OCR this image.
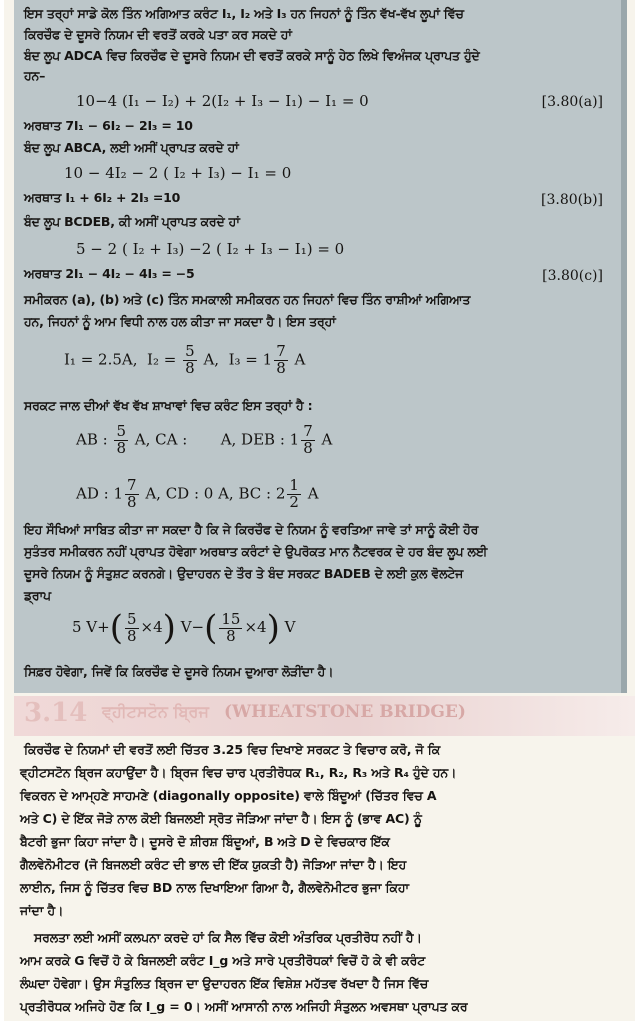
ਇਸ ਤਰ੍ਹਾਂ ਸਾਡੇ ਕੋਲ ਤਿੰਨ ਅਗਿਆਤ ਕਰੰਟ I₁, I₂ ਅਤੇ I₃ ਹਨ ਜਿਹਨਾਂ ਨੂੰ ਤਿੰਨ ਵੱਖ-ਵੱਖ ਲੂਪਾਂ ਵਿੱਚ
ਕਿਰਚੌਫ ਦੇ ਦੂਸਰੇ ਨਿਯਮ ਦੀ ਵਰਤੋਂ ਕਰਕੇ ਪਤਾ ਕਰ ਸਕਦੇ ਹਾਂ
ਬੰਦ ਲੂਪ ADCA ਵਿਚ ਕਿਰਚੌਫ ਦੇ ਦੂਸਰੇ ਨਿਯਮ ਦੀ ਵਰਤੋਂ ਕਰਕੇ ਸਾਨੂੰ ਹੇਠ ਲਿਖੇ ਵਿਅੰਜਕ ਪ੍ਰਾਪਤ ਹੁੰਦੇ
ਹਨ–
10−4 (I₁ − I₂) + 2(I₂ + I₃ − I₁) − I₁ = 0	[3.80(a)]
ਅਰਥਾਤ 7I₁ − 6I₂ − 2I₃ = 10
ਬੰਦ ਲੂਪ ABCA, ਲਈ ਅਸੀਂ ਪ੍ਰਾਪਤ ਕਰਦੇ ਹਾਂ
10 − 4I₂ − 2 ( I₂ + I₃) − I₁ = 0
ਅਰਥਾਤ I₁ + 6I₂ + 2I₃ =10	[3.80(b)]
ਬੰਦ ਲੂਪ BCDEB, ਕੀ ਅਸੀਂ ਪ੍ਰਾਪਤ ਕਰਦੇ ਹਾਂ
5 − 2 ( I₂ + I₃) −2 ( I₂ + I₃ − I₁) = 0
ਅਰਥਾਤ 2I₁ − 4I₂ − 4I₃ = −5	[3.80(c)]
ਸਮੀਕਰਨ (a), (b) ਅਤੇ (c) ਤਿੰਨ ਸਮਕਾਲੀ ਸਮੀਕਰਨ ਹਨ ਜਿਹਨਾਂ ਵਿਚ ਤਿੰਨ ਰਾਸ਼ੀਆਂ ਅਗਿਆਤ
ਹਨ, ਜਿਹਨਾਂ ਨੂੰ ਆਮ ਵਿਧੀ ਨਾਲ ਹਲ ਕੀਤਾ ਜਾ ਸਕਦਾ ਹੈ। ਇਸ ਤਰ੍ਹਾਂ
I₁ = 2.5A, $I_2 = \frac{5}{8} A$, $I_3 = 1 \frac{7}{8}$ A
ਸਰਕਟ ਜਾਲ ਦੀਆਂ ਵੱਖ ਵੱਖ ਸ਼ਾਖਾਵਾਂ ਵਿਚ ਕਰੰਟ ਇਸ ਤਰ੍ਹਾਂ ਹੈ :
AB : $\frac{5}{8} A$, CA : A, DEB : $1 \frac{7}{8}$ A
AD : $1 \frac{7}{8} A$, CD : 0 A, BC : $2 \frac{1}{2}$ A
ਇਹ ਸੌਖਿਆਂ ਸਾਬਿਤ ਕੀਤਾ ਜਾ ਸਕਦਾ ਹੈ ਕਿ ਜੇ ਕਿਰਚੌਫ ਦੇ ਨਿਯਮ ਨੂੰ ਵਰਤਿਆ ਜਾਵੇ ਤਾਂ ਸਾਨੂੰ ਕੋਈ ਹੋਰ
ਸੁਤੰਤਰ ਸਮੀਕਰਨ ਨਹੀਂ ਪ੍ਰਾਪਤ ਹੋਵੇਗਾ ਅਰਥਾਤ ਕਰੰਟਾਂ ਦੇ ਉਪਰੋਕਤ ਮਾਨ ਨੈਟਵਰਕ ਦੇ ਹਰ ਬੰਦ ਲੂਪ ਲਈ
ਦੂਸਰੇ ਨਿਯਮ ਨੂੰ ਸੰਤੁਸ਼ਟ ਕਰਨਗੇ। ਉਦਾਹਰਨ ਦੇ ਤੌਰ ਤੇ ਬੰਦ ਸਰਕਟ BADEB ਦੇ ਲਈ ਕੁਲ ਵੋਲਟੇਜ
ਡ੍ਰਾਪ
5 $V+( \frac{5}{8} \times 4)$ $V-( \frac{15}{8} \times 4)$ V
ਸਿਫ਼ਰ ਹੋਵੇਗਾ, ਜਿਵੇਂ ਕਿ ਕਿਰਚੌਫ ਦੇ ਦੂਸਰੇ ਨਿਯਮ ਦੁਆਰਾ ਲੋੜੀਂਦਾ ਹੈ।
3.14 ਵ੍ਹੀਟਸਟੋਨ ਬ੍ਰਿਜ (WHEATSTONE BRIDGE)
ਕਿਰਚੌਫ ਦੇ ਨਿਯਮਾਂ ਦੀ ਵਰਤੋਂ ਲਈ ਚਿੱਤਰ 3.25 ਵਿਚ ਦਿਖਾਏ ਸਰਕਟ ਤੇ ਵਿਚਾਰ ਕਰੋ, ਜੋ ਕਿ
ਵ੍ਹੀਟਸਟੋਨ ਬ੍ਰਿਜ ਕਹਾਉਂਦਾ ਹੈ। ਬ੍ਰਿਜ ਵਿਚ ਚਾਰ ਪ੍ਰਤੀਰੋਧਕ R₁, R₂, R₃ ਅਤੇ R₄ ਹੁੰਦੇ ਹਨ।
ਵਿਕਰਨ ਦੇ ਆਮ੍ਹਣੇ ਸਾਹਮਣੇ (diagonally opposite) ਵਾਲੇ ਬਿੰਦੂਆਂ (ਚਿੱਤਰ ਵਿਚ A
ਅਤੇ C) ਦੇ ਇੱਕ ਜੋੜੇ ਨਾਲ ਕੋਈ ਬਿਜਲਈ ਸ੍ਰੋਤ ਜੋੜਿਆ ਜਾਂਦਾ ਹੈ। ਇਸ ਨੂੰ (ਭਾਵ AC) ਨੂੰ
ਬੈਟਰੀ ਭੁਜਾ ਕਿਹਾ ਜਾਂਦਾ ਹੈ। ਦੂਸਰੇ ਦੋ ਸ਼ੀਰਸ਼ ਬਿੰਦੂਆਂ, B ਅਤੇ D ਦੇ ਵਿਚਕਾਰ ਇੱਕ
ਗੈਲਵੇਨੋਮੀਟਰ (ਜੋ ਬਿਜਲਈ ਕਰੰਟ ਦੀ ਭਾਲ ਦੀ ਇੱਕ ਯੁਕਤੀ ਹੈ) ਜੋੜਿਆ ਜਾਂਦਾ ਹੈ। ਇਹ
ਲਾਈਨ, ਜਿਸ ਨੂੰ ਚਿੱਤਰ ਵਿਚ BD ਨਾਲ ਦਿਖਾਇਆ ਗਿਆ ਹੈ, ਗੈਲਵੇਨੋਮੀਟਰ ਭੁਜਾ ਕਿਹਾ
ਜਾਂਦਾ ਹੈ।
ਸਰਲਤਾ ਲਈ ਅਸੀਂ ਕਲਪਨਾ ਕਰਦੇ ਹਾਂ ਕਿ ਸੈਲ ਵਿੱਚ ਕੋਈ ਅੰਤਰਿਕ ਪ੍ਰਤੀਰੋਧ ਨਹੀਂ ਹੈ।
ਆਮ ਕਰਕੇ G ਵਿਚੋਂ ਹੋ ਕੇ ਬਿਜਲਈ ਕਰੰਟ I_g ਅਤੇ ਸਾਰੇ ਪ੍ਰਤੀਰੋਧਕਾਂ ਵਿਚੋਂ ਹੋ ਕੇ ਵੀ ਕਰੰਟ
ਲੰਘਦਾ ਹੋਵੇਗਾ। ਉਸ ਸੰਤੁਲਿਤ ਬ੍ਰਿਜ ਦਾ ਉਦਾਹਰਨ ਇੱਕ ਵਿਸ਼ੇਸ਼ ਮਹੱਤਵ ਰੱਖਦਾ ਹੈ ਜਿਸ ਵਿੱਚ
ਪ੍ਰਤੀਰੋਧਕ ਅਜਿਹੇ ਹੋਣ ਕਿ I_g = 0। ਅਸੀਂ ਆਸਾਨੀ ਨਾਲ ਅਜਿਹੀ ਸੰਤੁਲਨ ਅਵਸਥਾ ਪ੍ਰਾਪਤ ਕਰ
